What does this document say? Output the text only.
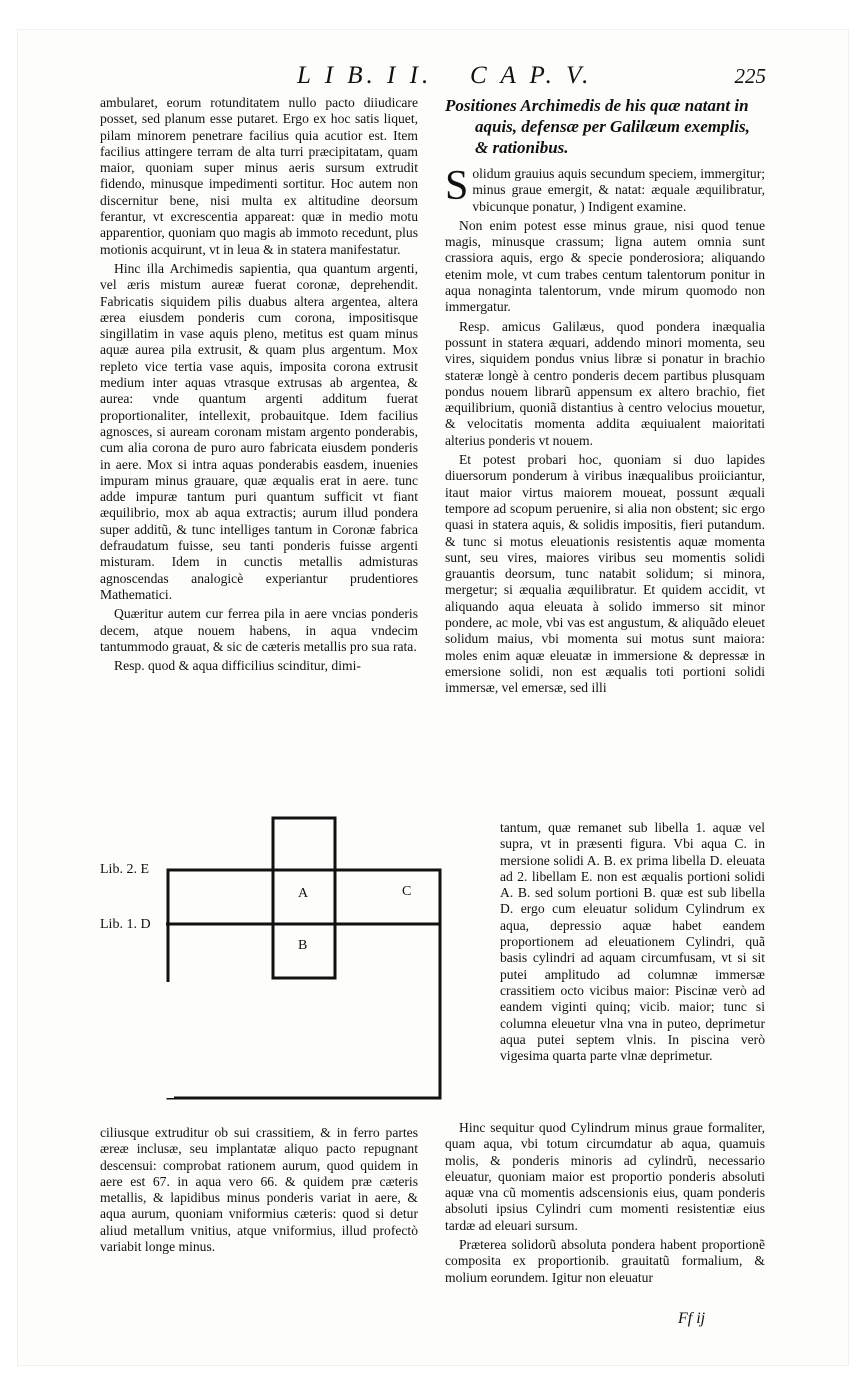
L I B. I I. C A P. V.	225

ambularet, eorum rotunditatem nullo pacto diiudicare posset, sed planum esse putaret. Ergo ex hoc satis liquet, pilam minorem penetrare facilius quia acutior est. Item facilius attingere terram de alta turri præcipitatam, quam maior, quoniam super minus aeris sursum extrudit fidendo, minusque impedimenti sortitur. Hoc autem non discernitur bene, nisi multa ex altitudine deorsum ferantur, vt excrescentia appareat: quæ in medio motu apparentior, quoniam quo magis ab immoto recedunt, plus motionis acquirunt, vt in leua & in statera manifestatur.

Hinc illa Archimedis sapientia, qua quantum argenti, vel æris mistum aureæ fuerat coronæ, deprehendit. Fabricatis siquidem pilis duabus altera argentea, altera ærea eiusdem ponderis cum corona, impositisque singillatim in vase aquis pleno, metitus est quam minus aquæ aurea pila extrusit, & quam plus argentum. Mox repleto vice tertia vase aquis, imposita corona extrusit medium inter aquas vtrasque extrusas ab argentea, & aurea: vnde quantum argenti additum fuerat proportionaliter, intellexit, probauitque. Idem facilius agnosces, si auream coronam mistam argento ponderabis, cum alia corona de puro auro fabricata eiusdem ponderis in aere. Mox si intra aquas ponderabis easdem, inuenies impuram minus grauare, quæ æqualis erat in aere. tunc adde impuræ tantum puri quantum sufficit vt fiant æquilibrio, mox ab aqua extractis; aurum illud pondera super additũ, & tunc intelliges tantum in Coronæ fabrica defraudatum fuisse, seu tanti ponderis fuisse argenti misturam. Idem in cunctis metallis admisturas agnoscendas analogicè experiantur prudentiores Mathematici.

Quæritur autem cur ferrea pila in aere vncias ponderis decem, atque nouem habens, in aqua vndecim tantummodo grauat, & sic de cæteris metallis pro sua rata.

Resp. quod & aqua difficilius scinditur, dimi-

Lib. 2. E
Lib. 1. D
A
B
C

ciliusque extruditur ob sui crassitiem, & in ferro partes æreæ inclusæ, seu implantatæ aliquo pacto repugnant descensui: comprobat rationem aurum, quod quidem in aere est 67. in aqua vero 66. & quidem præ cæteris metallis, & lapidibus minus ponderis variat in aere, & aqua aurum, quoniam vniformius cæteris: quod si detur aliud metallum vnitius, atque vniformius, illud profectò variabit longe minus.

Positiones Archimedis de his quæ natant in
aquis, defensæ per Galilæum exemplis,
& rationibus.

Solidum grauius aquis secundum speciem, immergitur; minus graue emergit, & natat: æquale æquilibratur, vbicunque ponatur, ) Indigent examine.

Non enim potest esse minus graue, nisi quod tenue magis, minusque crassum; ligna autem omnia sunt crassiora aquis, ergo & specie ponderosiora; aliquando etenim mole, vt cum trabes centum talentorum ponitur in aqua nonaginta talentorum, vnde mirum quomodo non immergatur.

Resp. amicus Galilæus, quod pondera inæqualia possunt in statera æquari, addendo minori momenta, seu vires, siquidem pondus vnius libræ si ponatur in brachio stateræ longè à centro ponderis decem partibus plusquam pondus nouem librarũ appensum ex altero brachio, fiet æquilibrium, quoniã distantius à centro velocius mouetur, & velocitatis momenta addita æquiualent maioritati alterius ponderis vt nouem.

Et potest probari hoc, quoniam si duo lapides diuersorum ponderum à viribus inæqualibus proiiciantur, itaut maior virtus maiorem moueat, possunt æquali tempore ad scopum peruenire, si alia non obstent; sic ergo quasi in statera aquis, & solidis impositis, fieri putandum. & tunc si motus eleuationis resistentis aquæ momenta sunt, seu vires, maiores viribus seu momentis solidi grauantis deorsum, tunc natabit solidum; si minora, mergetur; si æqualia æquilibratur. Et quidem accidit, vt aliquando aqua eleuata à solido immerso sit minor pondere, ac mole, vbi vas est angustum, & aliquãdo eleuet solidum maius, vbi momenta sui motus sunt maiora: moles enim aquæ eleuatæ in immersione & depressæ in emersione solidi, non est æqualis toti portioni solidi immersæ, vel emersæ, sed illi

tantum, quæ remanet sub libella 1. aquæ vel supra, vt in præsenti figura. Vbi aqua C. in mersione solidi A. B. ex prima libella D. eleuata ad 2. libellam E. non est æqualis portioni solidi A. B. sed solum portioni B. quæ est sub libella D. ergo cum eleuatur solidum Cylindrum ex aqua, depressio aquæ habet eandem proportionem ad eleuationem Cylindri, quã basis cylindri ad aquam circumfusam, vt si sit putei amplitudo ad columnæ immersæ crassitiem octo vicibus maior: Piscinæ verò ad eandem viginti quinq; vicib. maior; tunc si columna eleuetur vlna vna in puteo, deprimetur aqua putei septem vlnis. In piscina verò vigesima quarta parte vlnæ deprimetur.

Hinc sequitur quod Cylindrum minus graue formaliter, quam aqua, vbi totum circumdatur ab aqua, quamuis molis, & ponderis minoris ad cylindrũ, necessario eleuatur, quoniam maior est proportio ponderis absoluti aquæ vna cũ momentis adscensionis eius, quam ponderis absoluti ipsius Cylindri cum momenti resistentiæ eius tardæ ad eleuari sursum.

Præterea solidorũ absoluta pondera habent proportionẽ composita ex proportionib. grauitatũ formalium, & molium eorundem. Igitur non eleuatur

Ff ij
